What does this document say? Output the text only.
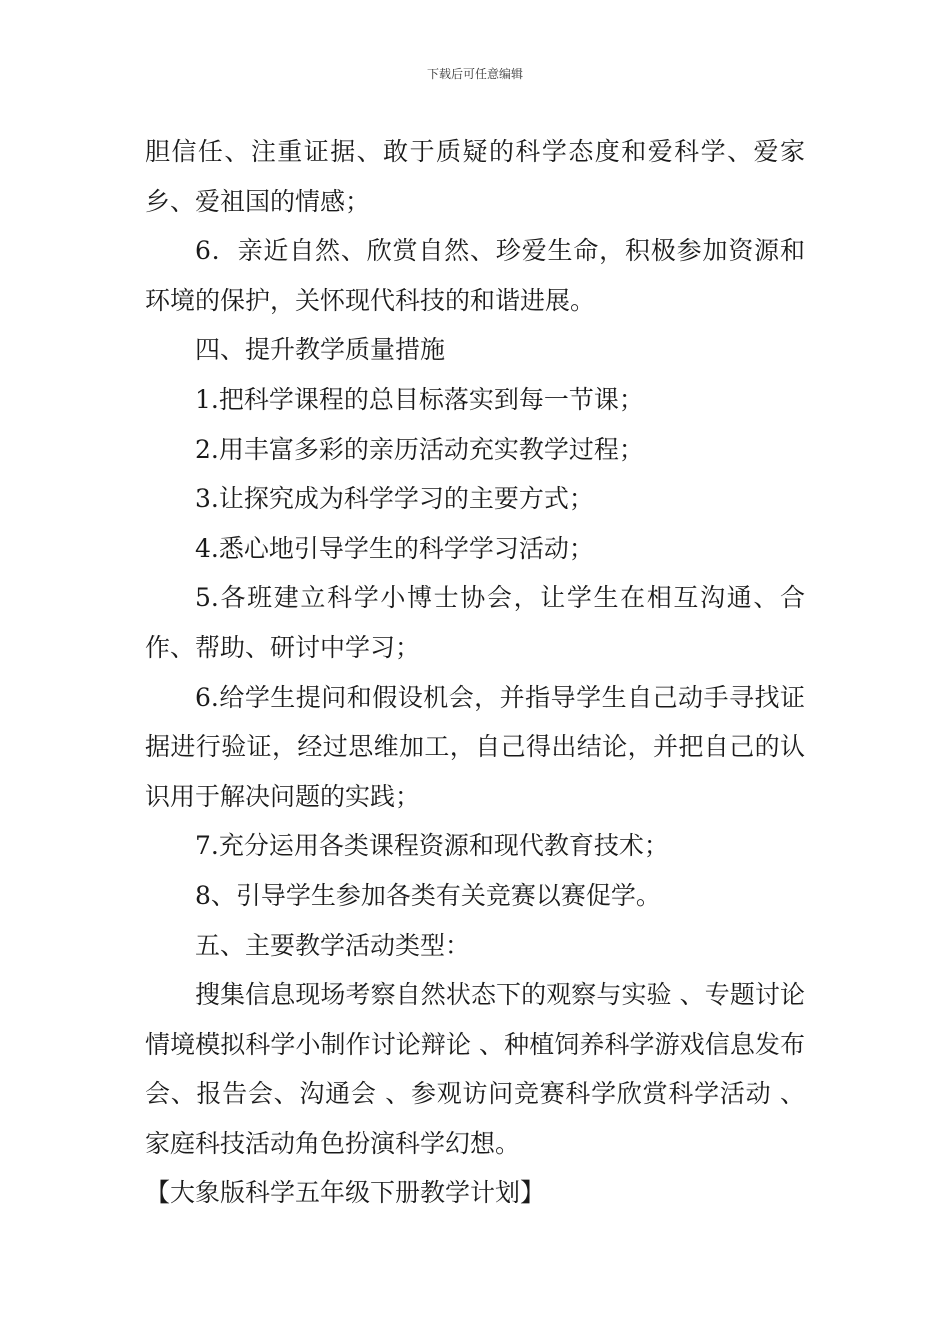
下载后可任意编辑

胆信任、注重证据、敢于质疑的科学态度和爱科学、爱家乡、爱祖国的情感；

6．亲近自然、欣赏自然、珍爱生命，积极参加资源和环境的保护，关怀现代科技的和谐进展。

四、提升教学质量措施

1.把科学课程的总目标落实到每一节课；

2.用丰富多彩的亲历活动充实教学过程；

3.让探究成为科学学习的主要方式；

4.悉心地引导学生的科学学习活动；

5.各班建立科学小博士协会，让学生在相互沟通、合作、帮助、研讨中学习；

6.给学生提问和假设机会，并指导学生自己动手寻找证据进行验证，经过思维加工，自己得出结论，并把自己的认识用于解决问题的实践；

7.充分运用各类课程资源和现代教育技术；

8、引导学生参加各类有关竞赛以赛促学。

五、主要教学活动类型：

搜集信息现场考察自然状态下的观察与实验 、专题讨论情境模拟科学小制作讨论辩论 、种植饲养科学游戏信息发布会、报告会、沟通会 、参观访问竞赛科学欣赏科学活动 、家庭科技活动角色扮演科学幻想。

【大象版科学五年级下册教学计划】
